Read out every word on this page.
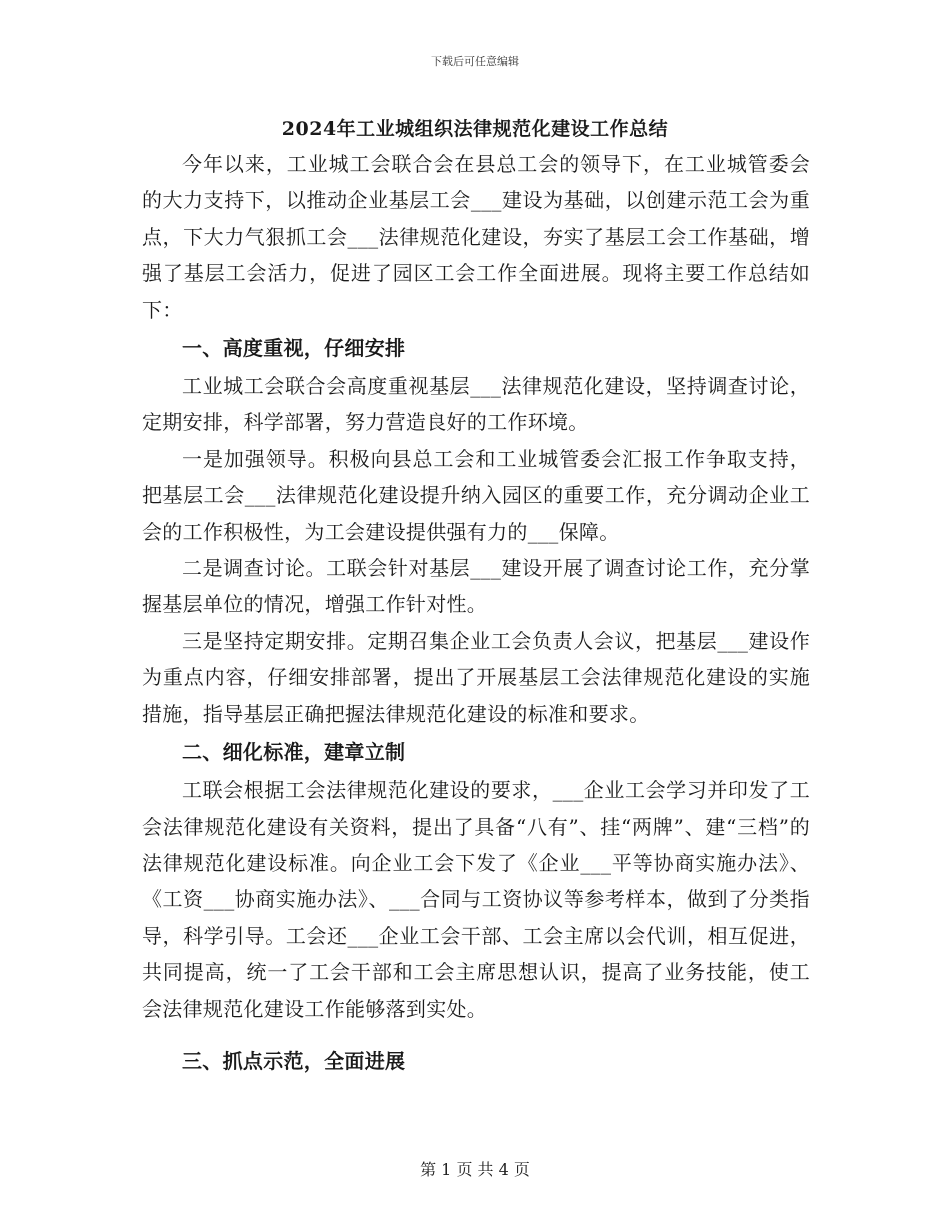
下载后可任意编辑
2024年工业城组织法律规范化建设工作总结

今年以来，工业城工会联合会在县总工会的领导下，在工业城管委会的大力支持下，以推动企业基层工会___建设为基础，以创建示范工会为重点，下大力气狠抓工会___法律规范化建设，夯实了基层工会工作基础，增强了基层工会活力，促进了园区工会工作全面进展。现将主要工作总结如下：

一、高度重视，仔细安排

工业城工会联合会高度重视基层___法律规范化建设，坚持调查讨论，定期安排，科学部署，努力营造良好的工作环境。

一是加强领导。积极向县总工会和工业城管委会汇报工作争取支持，把基层工会___法律规范化建设提升纳入园区的重要工作，充分调动企业工会的工作积极性，为工会建设提供强有力的___保障。

二是调查讨论。工联会针对基层___建设开展了调查讨论工作，充分掌握基层单位的情况，增强工作针对性。

三是坚持定期安排。定期召集企业工会负责人会议，把基层___建设作为重点内容，仔细安排部署，提出了开展基层工会法律规范化建设的实施措施，指导基层正确把握法律规范化建设的标准和要求。

二、细化标准，建章立制

工联会根据工会法律规范化建设的要求，___企业工会学习并印发了工会法律规范化建设有关资料，提出了具备“八有”、挂“两牌”、建“三档”的法律规范化建设标准。向企业工会下发了《企业___平等协商实施办法》、《工资___协商实施办法》、___合同与工资协议等参考样本，做到了分类指导，科学引导。工会还___企业工会干部、工会主席以会代训，相互促进，共同提高，统一了工会干部和工会主席思想认识，提高了业务技能，使工会法律规范化建设工作能够落到实处。

三、抓点示范，全面进展

第 1 页 共 4 页
